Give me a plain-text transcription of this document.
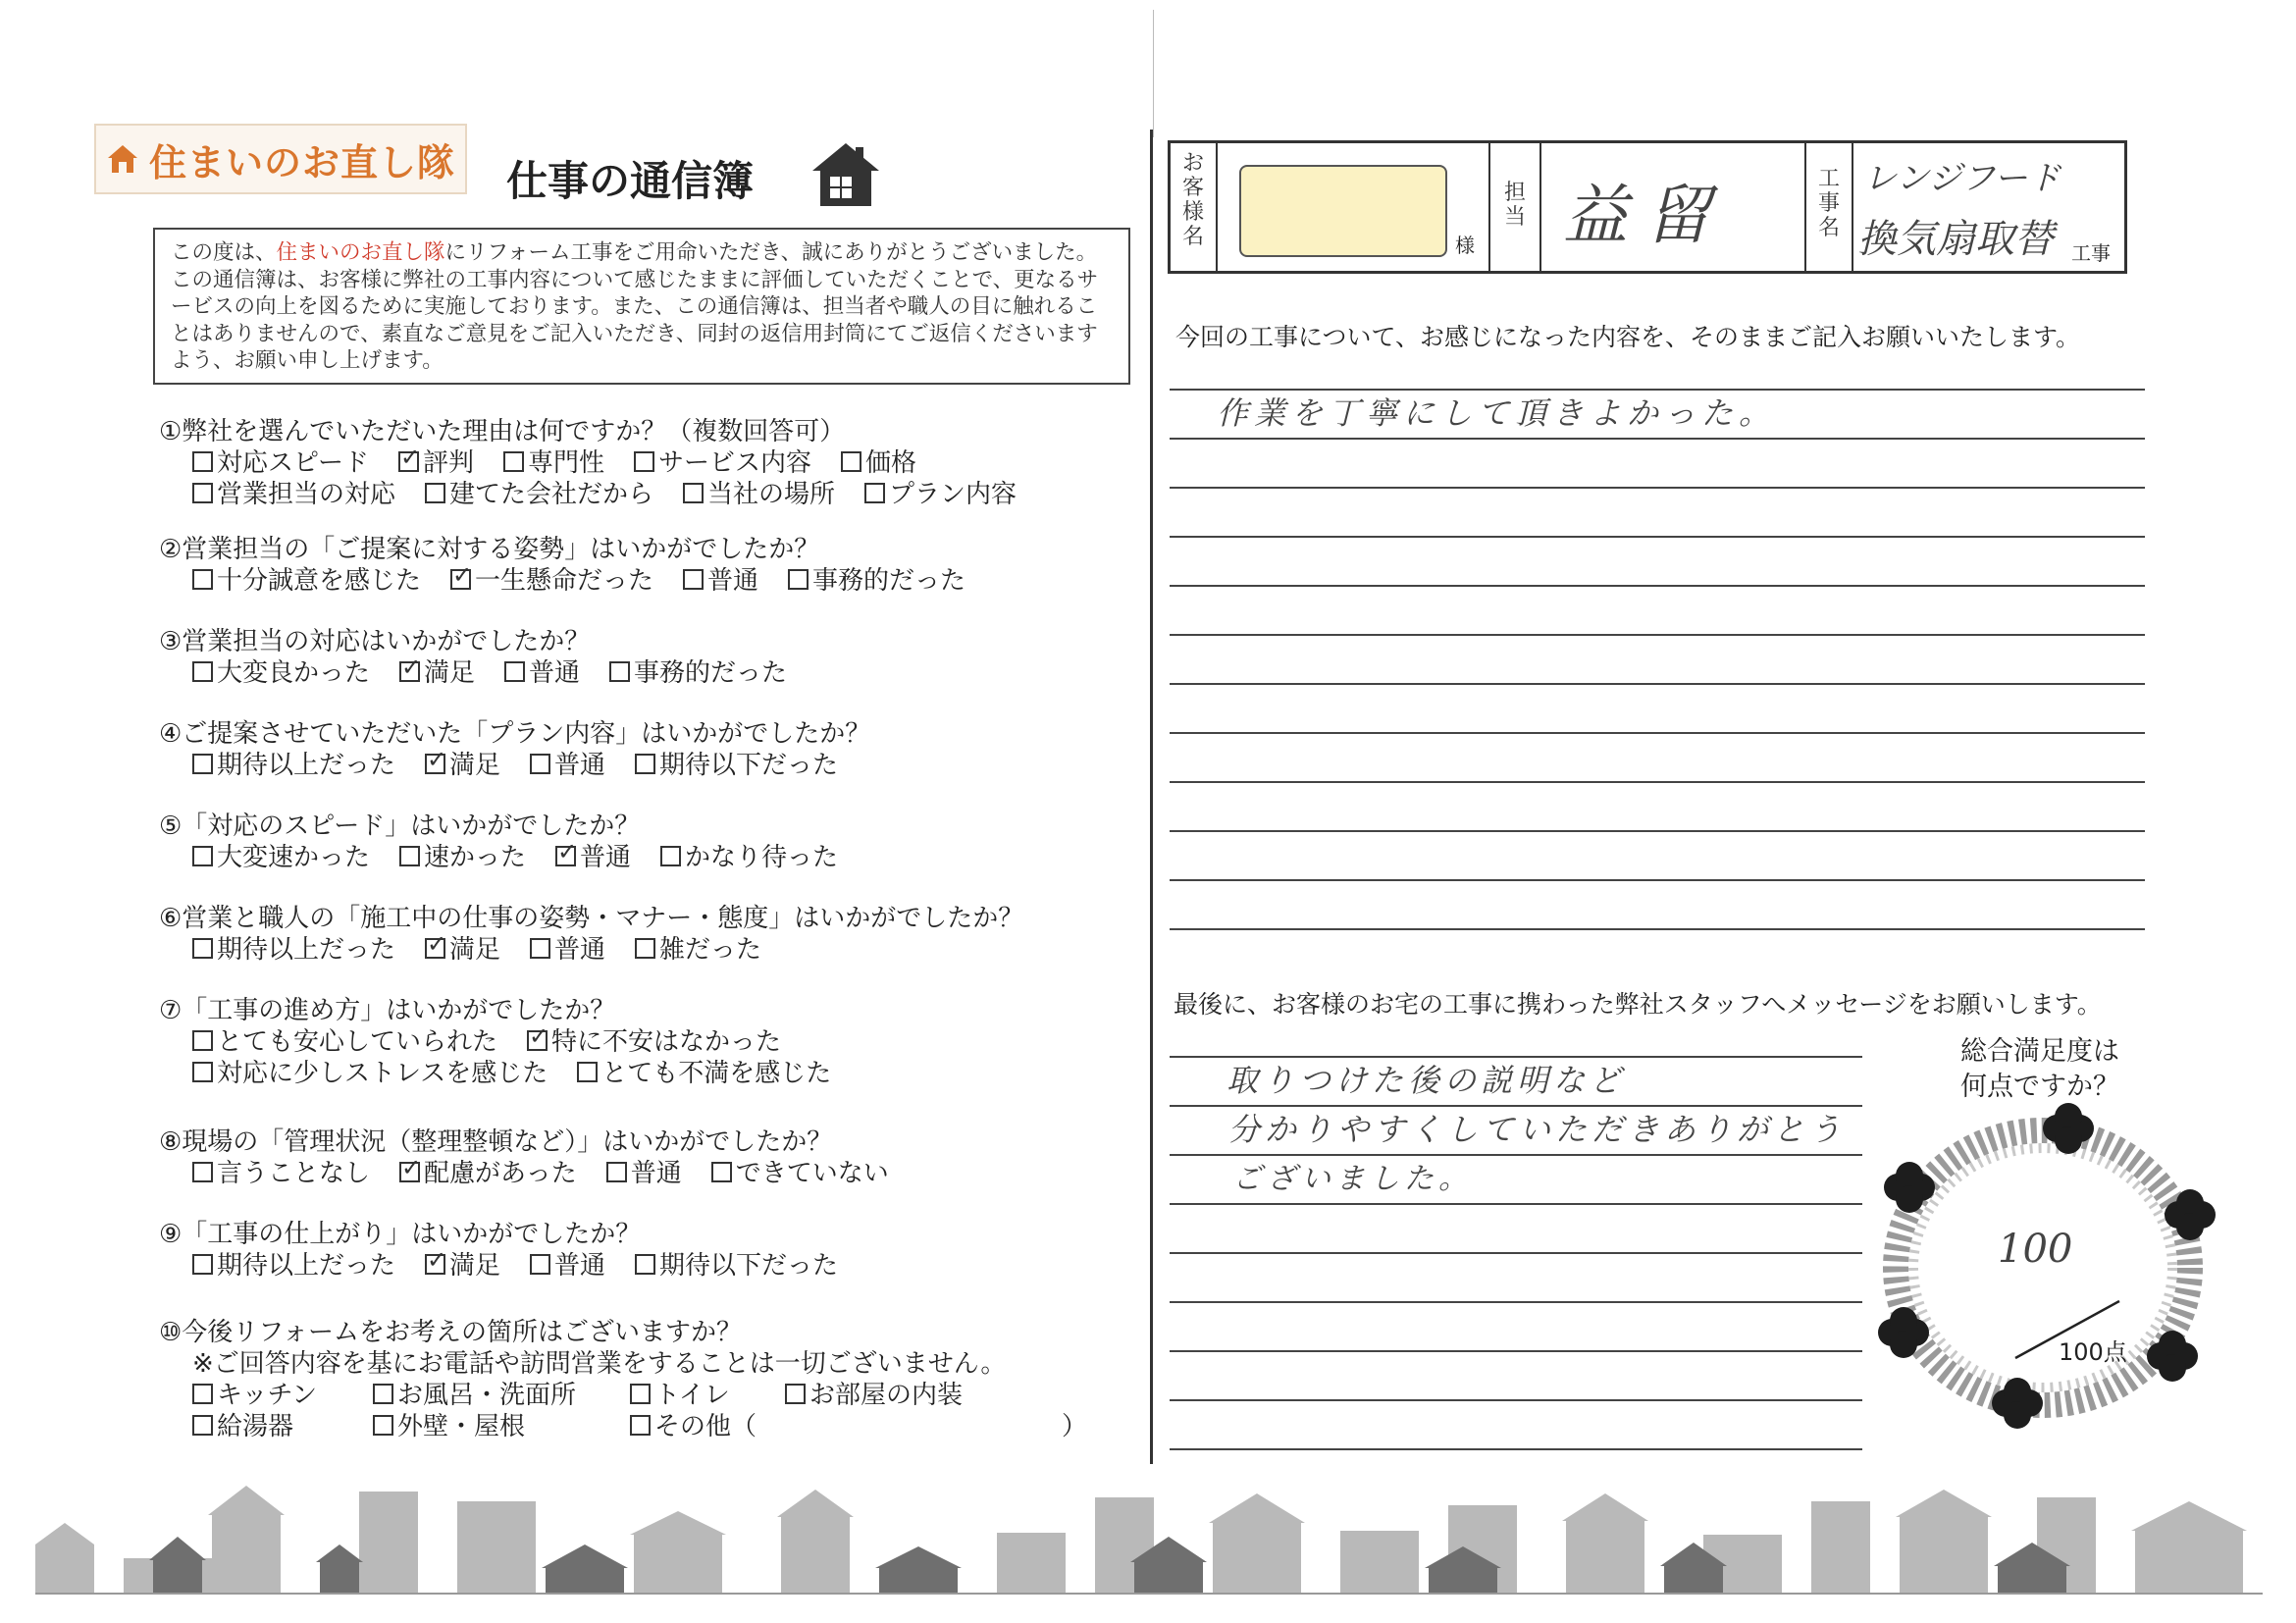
住まいのお直し隊 仕事の通信簿
この度は、住まいのお直し隊にリフォーム工事をご用命いただき、誠にありがとうございました。この通信簿は、お客様に弊社の工事内容について感じたままに評価していただくことで、更なるサービスの向上を図るために実施しております。また、この通信簿は、担当者や職人の目に触れることはありませんので、素直なご意見をご記入いただき、同封の返信用封筒にてご返信くださいますよう、お願い申し上げます。
①弊社を選んでいただいた理由は何ですか？（複数回答可）
対応スピード ✓ 評判 専門性 サービス内容 価格
営業担当の対応 建てた会社だから 当社の場所 プラン内容
②営業担当の「ご提案に対する姿勢」はいかがでしたか？
十分誠意を感じた ✓ 一生懸命だった 普通 事務的だった
③営業担当の対応はいかがでしたか？
大変良かった ✓ 満足 普通 事務的だった
④ご提案させていただいた「プラン内容」はいかがでしたか？
期待以上だった ✓ 満足 普通 期待以下だった
⑤「対応のスピード」はいかがでしたか？
大変速かった 速かった ✓ 普通 かなり待った
⑥営業と職人の「施工中の仕事の姿勢・マナー・態度」はいかがでしたか？
期待以上だった ✓ 満足 普通 雑だった
⑦「工事の進め方」はいかがでしたか？
とても安心していられた ✓ 特に不安はなかった
対応に少しストレスを感じた とても不満を感じた
⑧現場の「管理状況（整理整頓など）」はいかがでしたか？
言うことなし ✓ 配慮があった 普通 できていない
⑨「工事の仕上がり」はいかがでしたか？
期待以上だった ✓ 満足 普通 期待以下だった
⑩今後リフォームをお考えの箇所はございますか？
※ご回答内容を基にお電話や訪問営業をすることは一切ございません。
キッチン	お風呂・洗面所	トイレ	お部屋の内装
給湯器	外壁・屋根	その他（	）
お客様名	様
担当 益留	工事名
レンジフード
換気扇取替 工事
今回の工事について、お感じになった内容を、そのままご記入お願いいたします。
作業を丁寧にして頂きよかった。
最後に、お客様のお宅の工事に携わった弊社スタッフへメッセージをお願いします。
取りつけた後の説明など
分かりやすくしていただきありがとう
ございました。
総合満足度は
何点ですか？
100
100点
